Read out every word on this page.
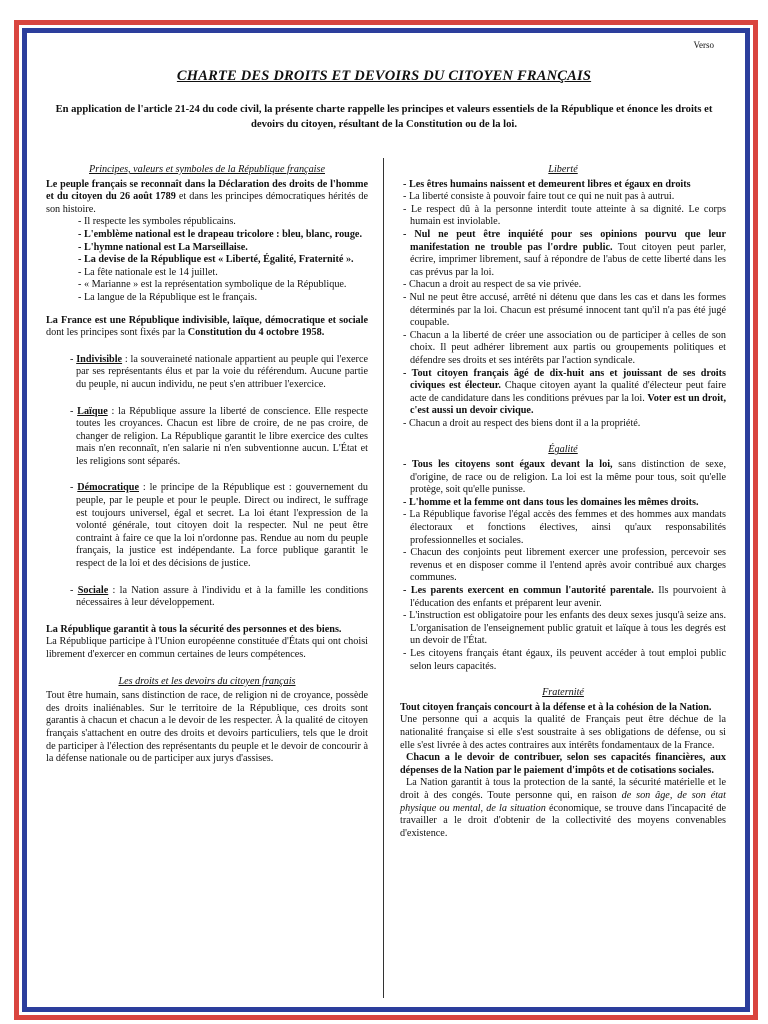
Verso
CHARTE DES DROITS ET DEVOIRS DU CITOYEN FRANÇAIS
En application de l'article 21-24 du code civil, la présente charte rappelle les principes et valeurs essentiels de la République et énonce les droits et devoirs du citoyen, résultant de la Constitution ou de la loi.
Principes, valeurs et symboles de la République française

Le peuple français se reconnaît dans la Déclaration des droits de l'homme et du citoyen du 26 août 1789 et dans les principes démocratiques hérités de son histoire.

- Il respecte les symboles républicains.

- L'emblème national est le drapeau tricolore : bleu, blanc, rouge.

- L'hymne national est La Marseillaise.

- La devise de la République est « Liberté, Égalité, Fraternité ».

- La fête nationale est le 14 juillet.

- « Marianne » est la représentation symbolique de la République.

- La langue de la République est le français.

La France est une République indivisible, laïque, démocratique et sociale dont les principes sont fixés par la Constitution du 4 octobre 1958.

- Indivisible : la souveraineté nationale appartient au peuple qui l'exerce par ses représentants élus et par la voie du référendum. Aucune partie du peuple, ni aucun individu, ne peut s'en attribuer l'exercice.

- Laïque : la République assure la liberté de conscience. Elle respecte toutes les croyances. Chacun est libre de croire, de ne pas croire, de changer de religion. La République garantit le libre exercice des cultes mais n'en reconnaît, n'en salarie ni n'en subventionne aucun. L'État et les religions sont séparés.

- Démocratique : le principe de la République est : gouvernement du peuple, par le peuple et pour le peuple. Direct ou indirect, le suffrage est toujours universel, égal et secret. La loi étant l'expression de la volonté générale, tout citoyen doit la respecter. Nul ne peut être contraint à faire ce que la loi n'ordonne pas. Rendue au nom du peuple français, la justice est indépendante. La force publique garantit le respect de la loi et des décisions de justice.

- Sociale : la Nation assure à l'individu et à la famille les conditions nécessaires à leur développement.

La République garantit à tous la sécurité des personnes et des biens.

La République participe à l'Union européenne constituée d'États qui ont choisi librement d'exercer en commun certaines de leurs compétences.

Les droits et les devoirs du citoyen français

Tout être humain, sans distinction de race, de religion ni de croyance, possède des droits inaliénables. Sur le territoire de la République, ces droits sont garantis à chacun et chacun a le devoir de les respecter. À la qualité de citoyen français s'attachent en outre des droits et devoirs particuliers, tels que le droit de participer à l'élection des représentants du peuple et le devoir de concourir à la défense nationale ou de participer aux jurys d'assises.

Liberté

- Les êtres humains naissent et demeurent libres et égaux en droits

- La liberté consiste à pouvoir faire tout ce qui ne nuit pas à autrui.

- Le respect dû à la personne interdit toute atteinte à sa dignité. Le corps humain est inviolable.

- Nul ne peut être inquiété pour ses opinions pourvu que leur manifestation ne trouble pas l'ordre public. Tout citoyen peut parler, écrire, imprimer librement, sauf à répondre de l'abus de cette liberté dans les cas prévus par la loi.

- Chacun a droit au respect de sa vie privée.

- Nul ne peut être accusé, arrêté ni détenu que dans les cas et dans les formes déterminés par la loi. Chacun est présumé innocent tant qu'il n'a pas été jugé coupable.

- Chacun a la liberté de créer une association ou de participer à celles de son choix. Il peut adhérer librement aux partis ou groupements politiques et défendre ses droits et ses intérêts par l'action syndicale.

- Tout citoyen français âgé de dix-huit ans et jouissant de ses droits civiques est électeur. Chaque citoyen ayant la qualité d'électeur peut faire acte de candidature dans les conditions prévues par la loi. Voter est un droit, c'est aussi un devoir civique.

- Chacun a droit au respect des biens dont il a la propriété.

Égalité

- Tous les citoyens sont égaux devant la loi, sans distinction de sexe, d'origine, de race ou de religion. La loi est la même pour tous, soit qu'elle protège, soit qu'elle punisse.

- L'homme et la femme ont dans tous les domaines les mêmes droits.

- La République favorise l'égal accès des femmes et des hommes aux mandats électoraux et fonctions électives, ainsi qu'aux responsabilités professionnelles et sociales.

- Chacun des conjoints peut librement exercer une profession, percevoir ses revenus et en disposer comme il l'entend après avoir contribué aux charges communes.

- Les parents exercent en commun l'autorité parentale. Ils pourvoient à l'éducation des enfants et préparent leur avenir.

- L'instruction est obligatoire pour les enfants des deux sexes jusqu'à seize ans. L'organisation de l'enseignement public gratuit et laïque à tous les degrés est un devoir de l'État.

- Les citoyens français étant égaux, ils peuvent accéder à tout emploi public selon leurs capacités.

Fraternité

Tout citoyen français concourt à la défense et à la cohésion de la Nation.

Une personne qui a acquis la qualité de Français peut être déchue de la nationalité française si elle s'est soustraite à ses obligations de défense, ou si elle s'est livrée à des actes contraires aux intérêts fondamentaux de la France.

Chacun a le devoir de contribuer, selon ses capacités financières, aux dépenses de la Nation par le paiement d'impôts et de cotisations sociales.

La Nation garantit à tous la protection de la santé, la sécurité matérielle et le droit à des congés. Toute personne qui, en raison de son âge, de son état physique ou mental, de la situation économique, se trouve dans l'incapacité de travailler a le droit d'obtenir de la collectivité des moyens convenables d'existence.
